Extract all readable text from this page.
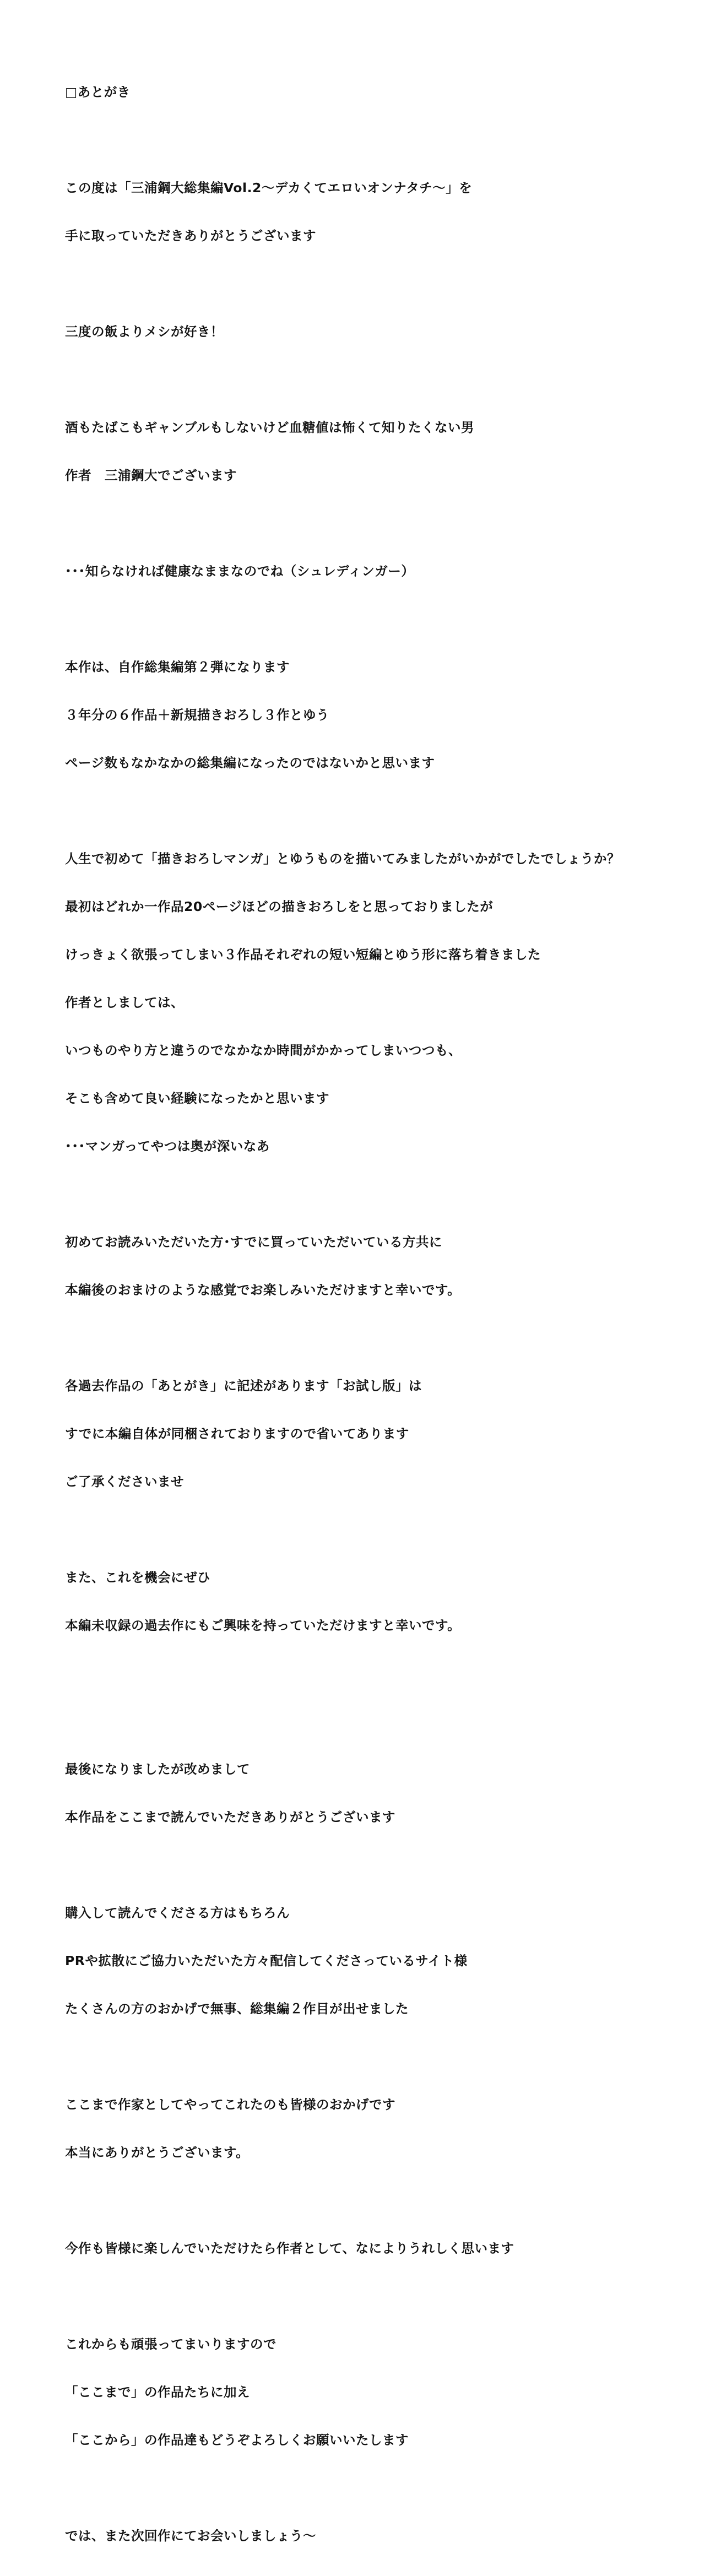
□あとがき

この度は「三浦鋼大総集編Vol.2〜デカくてエロいオンナタチ〜」を

手に取っていただきありがとうございます

三度の飯よりメシが好き！

酒もたばこもギャンブルもしないけど血糖値は怖くて知りたくない男

作者　三浦鋼大でございます

･･･知らなければ健康なままなのでね（シュレディンガー）

本作は、自作総集編第２弾になります

３年分の６作品＋新規描きおろし３作とゆう

ページ数もなかなかの総集編になったのではないかと思います

人生で初めて「描きおろしマンガ」とゆうものを描いてみましたがいかがでしたでしょうか？

最初はどれか一作品20ページほどの描きおろしをと思っておりましたが

けっきょく欲張ってしまい３作品それぞれの短い短編とゆう形に落ち着きました

作者としましては、

いつものやり方と違うのでなかなか時間がかかってしまいつつも、

そこも含めて良い経験になったかと思います

･･･マンガってやつは奥が深いなあ

初めてお読みいただいた方･すでに買っていただいている方共に

本編後のおまけのような感覚でお楽しみいただけますと幸いです。

各過去作品の「あとがき」に記述があります「お試し版」は

すでに本編自体が同梱されておりますので省いてあります

ご了承くださいませ

また、これを機会にぜひ

本編未収録の過去作にもご興味を持っていただけますと幸いです。

最後になりましたが改めまして

本作品をここまで読んでいただきありがとうございます

購入して読んでくださる方はもちろん

PRや拡散にご協力いただいた方々配信してくださっているサイト様

たくさんの方のおかげで無事、総集編２作目が出せました

ここまで作家としてやってこれたのも皆様のおかげです

本当にありがとうございます。

今作も皆様に楽しんでいただけたら作者として、なによりうれしく思います

これからも頑張ってまいりますので

「ここまで」の作品たちに加え

「ここから」の作品達もどうぞよろしくお願いいたします

では、また次回作にてお会いしましょう〜
